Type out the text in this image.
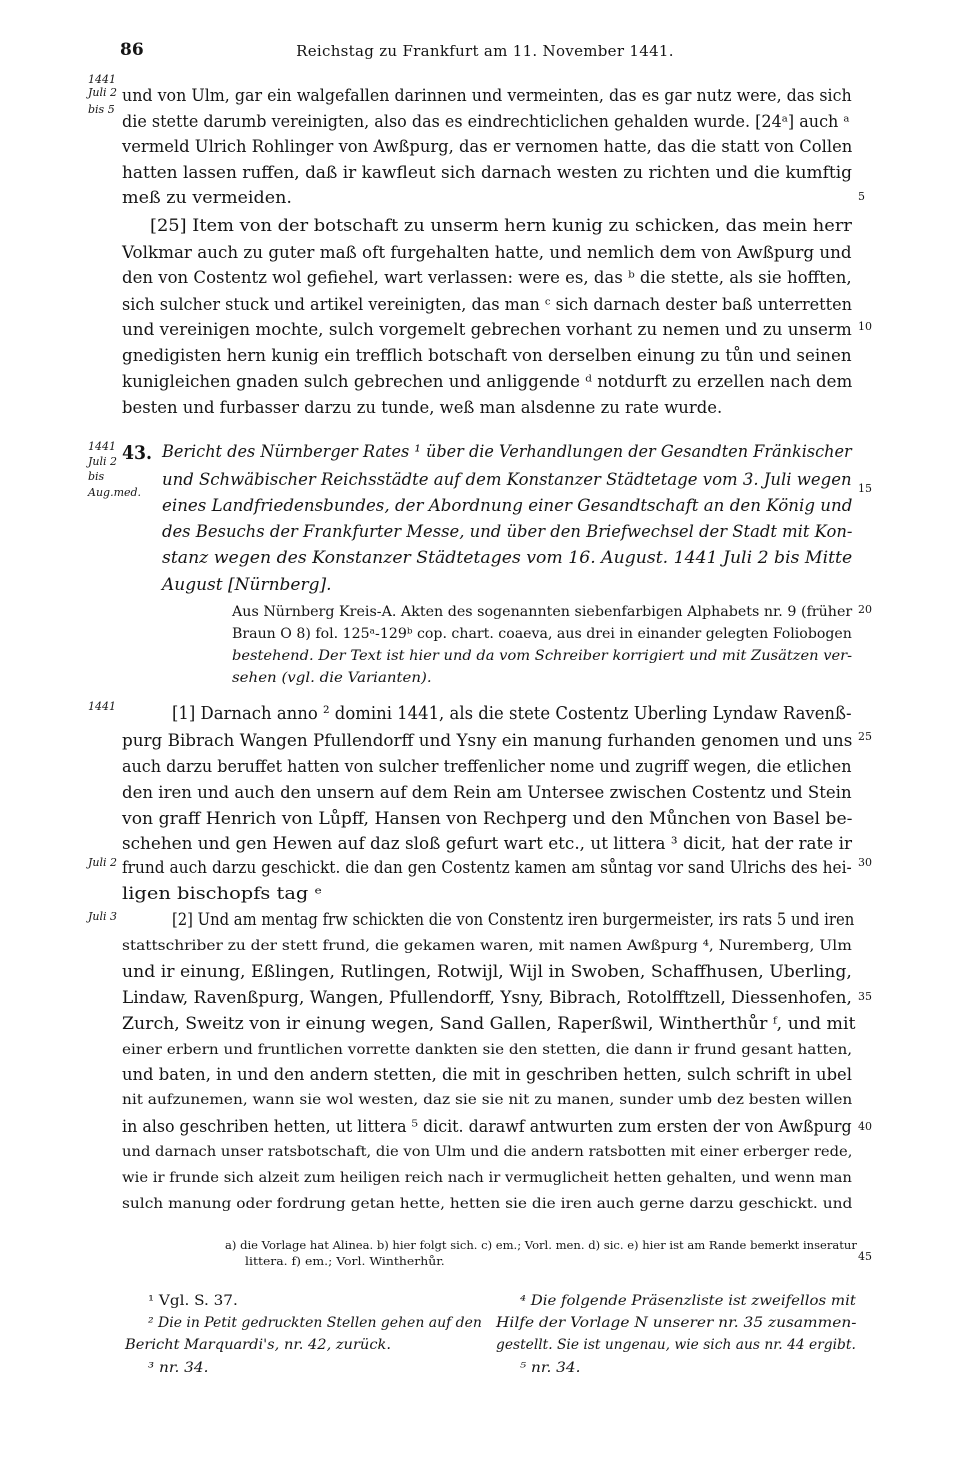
86	Reichstag zu Frankfurt am 11. November 1441.
1441
Juli 2
bis 5
1441
Juli 2
bis
Aug.med.
1441
Juli 2
Juli 3
5
10
15
20
25
30
35
40
45
und von Ulm, gar ein walgefallen darinnen und vermeinten, das es gar nutz were, das sich
die stette darumb vereinigten, also das es eindrechticlichen gehalden wurde. [24ᵃ] auch ᵃ
vermeld Ulrich Rohlinger von Awßpurg, das er vernomen hatte, das die statt von Collen
hatten lassen ruffen, daß ir kawfleut sich darnach westen zu richten und die kumftig
meß zu vermeiden.
[25] Item von der botschaft zu unserm hern kunig zu schicken, das mein herr
Volkmar auch zu guter maß oft furgehalten hatte, und nemlich dem von Awßpurg und
den von Costentz wol gefiehel, wart verlassen: were es, das ᵇ die stette, als sie hofften,
sich sulcher stuck und artikel vereinigten, das man ᶜ sich darnach dester baß unterretten
und vereinigen mochte, sulch vorgemelt gebrechen vorhant zu nemen und zu unserm
gnedigisten hern kunig ein trefflich botschaft von derselben einung zu tůn und seinen
kunigleichen gnaden sulch gebrechen und anliggende ᵈ notdurft zu erzellen nach dem
besten und furbasser darzu zu tunde, weß man alsdenne zu rate wurde.
43. Bericht des Nürnberger Rates ¹ über die Verhandlungen der Gesandten Fränkischer
und Schwäbischer Reichsstädte auf dem Konstanzer Städtetage vom 3. Juli wegen
eines Landfriedensbundes, der Abordnung einer Gesandtschaft an den König und
des Besuchs der Frankfurter Messe, und über den Briefwechsel der Stadt mit Kon-
stanz wegen des Konstanzer Städtetages vom 16. August. 1441 Juli 2 bis Mitte
August [Nürnberg].
Aus Nürnberg Kreis-A. Akten des sogenannten siebenfarbigen Alphabets nr. 9 (früher
Braun O 8) fol. 125ᵃ-129ᵇ cop. chart. coaeva, aus drei in einander gelegten Foliobogen
bestehend. Der Text ist hier und da vom Schreiber korrigiert und mit Zusätzen ver-
sehen (vgl. die Varianten).
[1] Darnach anno ² domini 1441, als die stete Costentz Uberling Lyndaw Ravenß-
purg Bibrach Wangen Pfullendorff und Ysny ein manung furhanden genomen und uns
auch darzu beruffet hatten von sulcher treffenlicher nome und zugriff wegen, die etlichen
den iren und auch den unsern auf dem Rein am Untersee zwischen Costentz und Stein
von graff Henrich von Lůpff, Hansen von Rechperg und den Můnchen von Basel be-
schehen und gen Hewen auf daz sloß gefurt wart etc., ut littera ³ dicit, hat der rate ir
frund auch darzu geschickt. die dan gen Costentz kamen am sůntag vor sand Ulrichs des hei-
ligen bischopfs tag ᵉ
[2] Und am mentag frw schickten die von Constentz iren burgermeister, irs rats 5 und iren
stattschriber zu der stett frund, die gekamen waren, mit namen Awßpurg ⁴, Nuremberg, Ulm
und ir einung, Eßlingen, Rutlingen, Rotwijl, Wijl in Swoben, Schaffhusen, Uberling,
Lindaw, Ravenßpurg, Wangen, Pfullendorff, Ysny, Bibrach, Rotolfftzell, Diessenhofen,
Zurch, Sweitz von ir einung wegen, Sand Gallen, Raperßwil, Wintherthůr ᶠ, und mit
einer erbern und fruntlichen vorrette dankten sie den stetten, die dann ir frund gesant hatten,
und baten, in und den andern stetten, die mit in geschriben hetten, sulch schrift in ubel
nit aufzunemen, wann sie wol westen, daz sie sie nit zu manen, sunder umb dez besten willen
in also geschriben hetten, ut littera ⁵ dicit. darawf antwurten zum ersten der von Awßpurg
und darnach unser ratsbotschaft, die von Ulm und die andern ratsbotten mit einer erberger rede,
wie ir frunde sich alzeit zum heiligen reich nach ir vermuglicheit hetten gehalten, und wenn man
sulch manung oder fordrung getan hette, hetten sie die iren auch gerne darzu geschickt. und
a) die Vorlage hat Alinea. b) hier folgt sich. c) em.; Vorl. men. d) sic. e) hier ist am Rande bemerkt inseratur
littera. f) em.; Vorl. Wintherhůr.
¹ Vgl. S. 37.
² Die in Petit gedruckten Stellen gehen auf den
Bericht Marquardi's, nr. 42, zurück.
³ nr. 34.
⁴ Die folgende Präsenzliste ist zweifellos mit
Hilfe der Vorlage N unserer nr. 35 zusammen-
gestellt. Sie ist ungenau, wie sich aus nr. 44 ergibt.
⁵ nr. 34.
